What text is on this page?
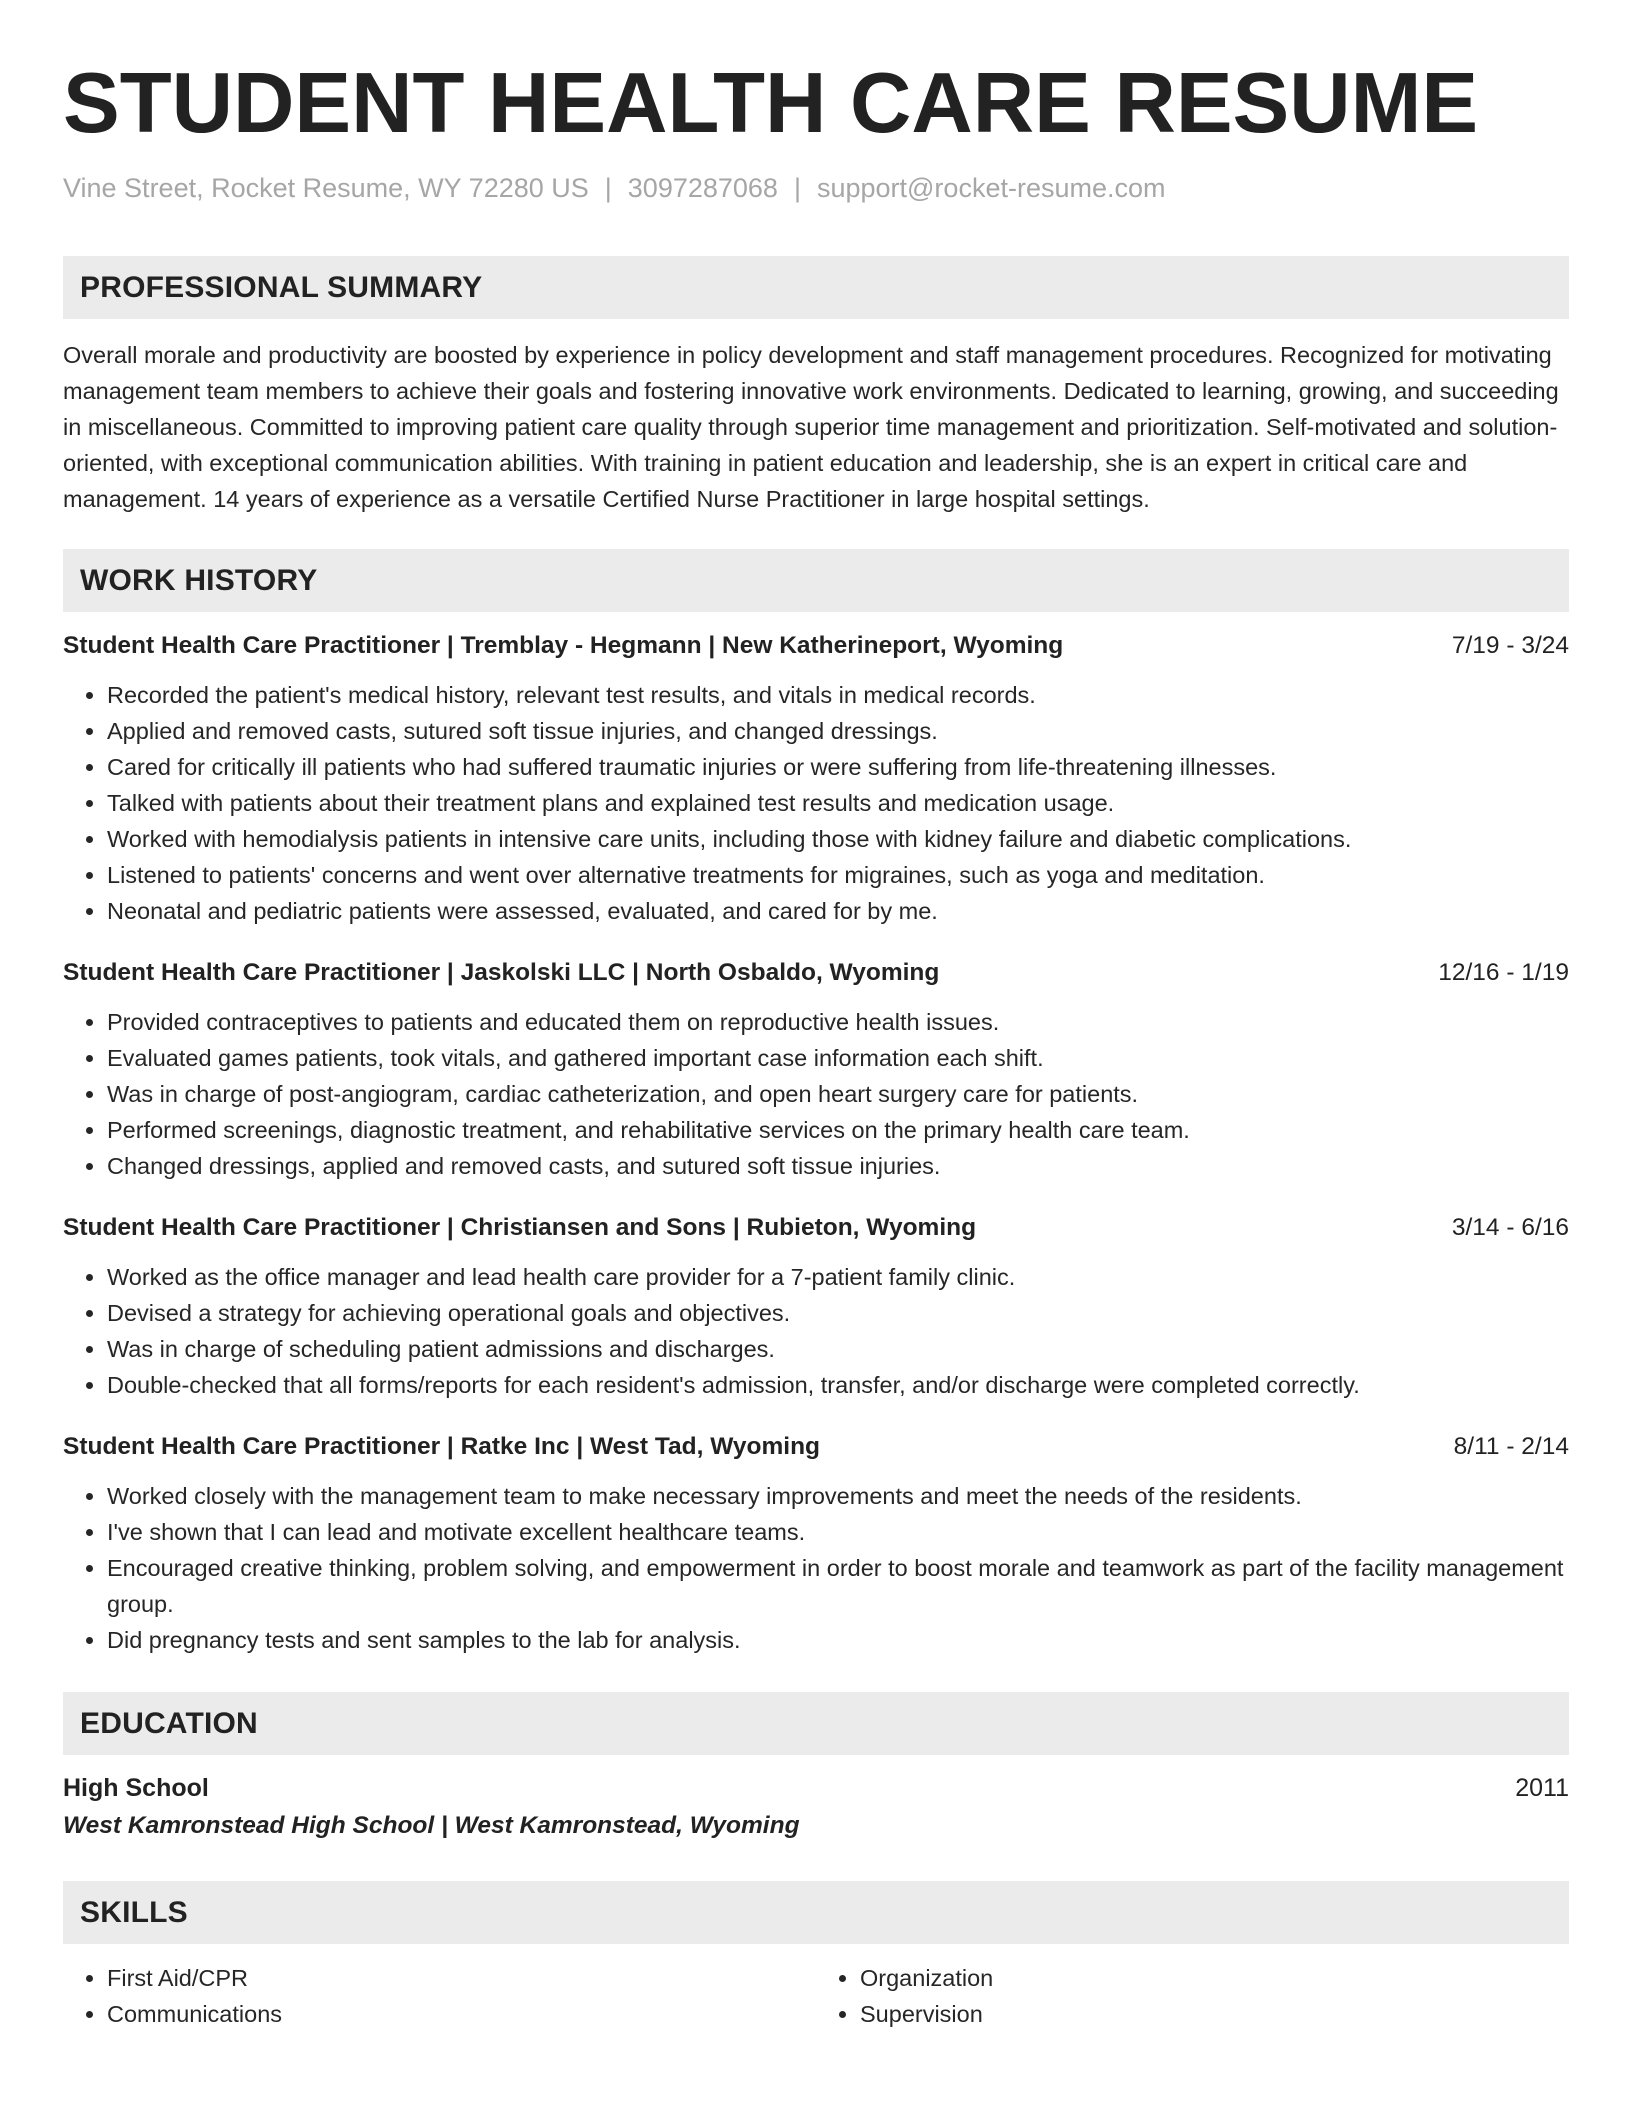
STUDENT HEALTH CARE RESUME
Vine Street, Rocket Resume, WY 72280 US | 3097287068 | support@rocket-resume.com
PROFESSIONAL SUMMARY
Overall morale and productivity are boosted by experience in policy development and staff management procedures. Recognized for motivating management team members to achieve their goals and fostering innovative work environments. Dedicated to learning, growing, and succeeding in miscellaneous. Committed to improving patient care quality through superior time management and prioritization. Self-motivated and solution-oriented, with exceptional communication abilities. With training in patient education and leadership, she is an expert in critical care and management. 14 years of experience as a versatile Certified Nurse Practitioner in large hospital settings.
WORK HISTORY
Student Health Care Practitioner | Tremblay - Hegmann | New Katherineport, Wyoming	7/19 - 3/24
• Recorded the patient's medical history, relevant test results, and vitals in medical records.
• Applied and removed casts, sutured soft tissue injuries, and changed dressings.
• Cared for critically ill patients who had suffered traumatic injuries or were suffering from life-threatening illnesses.
• Talked with patients about their treatment plans and explained test results and medication usage.
• Worked with hemodialysis patients in intensive care units, including those with kidney failure and diabetic complications.
• Listened to patients' concerns and went over alternative treatments for migraines, such as yoga and meditation.
• Neonatal and pediatric patients were assessed, evaluated, and cared for by me.
Student Health Care Practitioner | Jaskolski LLC | North Osbaldo, Wyoming	12/16 - 1/19
• Provided contraceptives to patients and educated them on reproductive health issues.
• Evaluated games patients, took vitals, and gathered important case information each shift.
• Was in charge of post-angiogram, cardiac catheterization, and open heart surgery care for patients.
• Performed screenings, diagnostic treatment, and rehabilitative services on the primary health care team.
• Changed dressings, applied and removed casts, and sutured soft tissue injuries.
Student Health Care Practitioner | Christiansen and Sons | Rubieton, Wyoming	3/14 - 6/16
• Worked as the office manager and lead health care provider for a 7-patient family clinic.
• Devised a strategy for achieving operational goals and objectives.
• Was in charge of scheduling patient admissions and discharges.
• Double-checked that all forms/reports for each resident's admission, transfer, and/or discharge were completed correctly.
Student Health Care Practitioner | Ratke Inc | West Tad, Wyoming	8/11 - 2/14
• Worked closely with the management team to make necessary improvements and meet the needs of the residents.
• I've shown that I can lead and motivate excellent healthcare teams.
• Encouraged creative thinking, problem solving, and empowerment in order to boost morale and teamwork as part of the facility management group.
• Did pregnancy tests and sent samples to the lab for analysis.
EDUCATION
High School	2011
West Kamronstead High School | West Kamronstead, Wyoming
SKILLS
• First Aid/CPR
• Communications
• Organization
• Supervision
